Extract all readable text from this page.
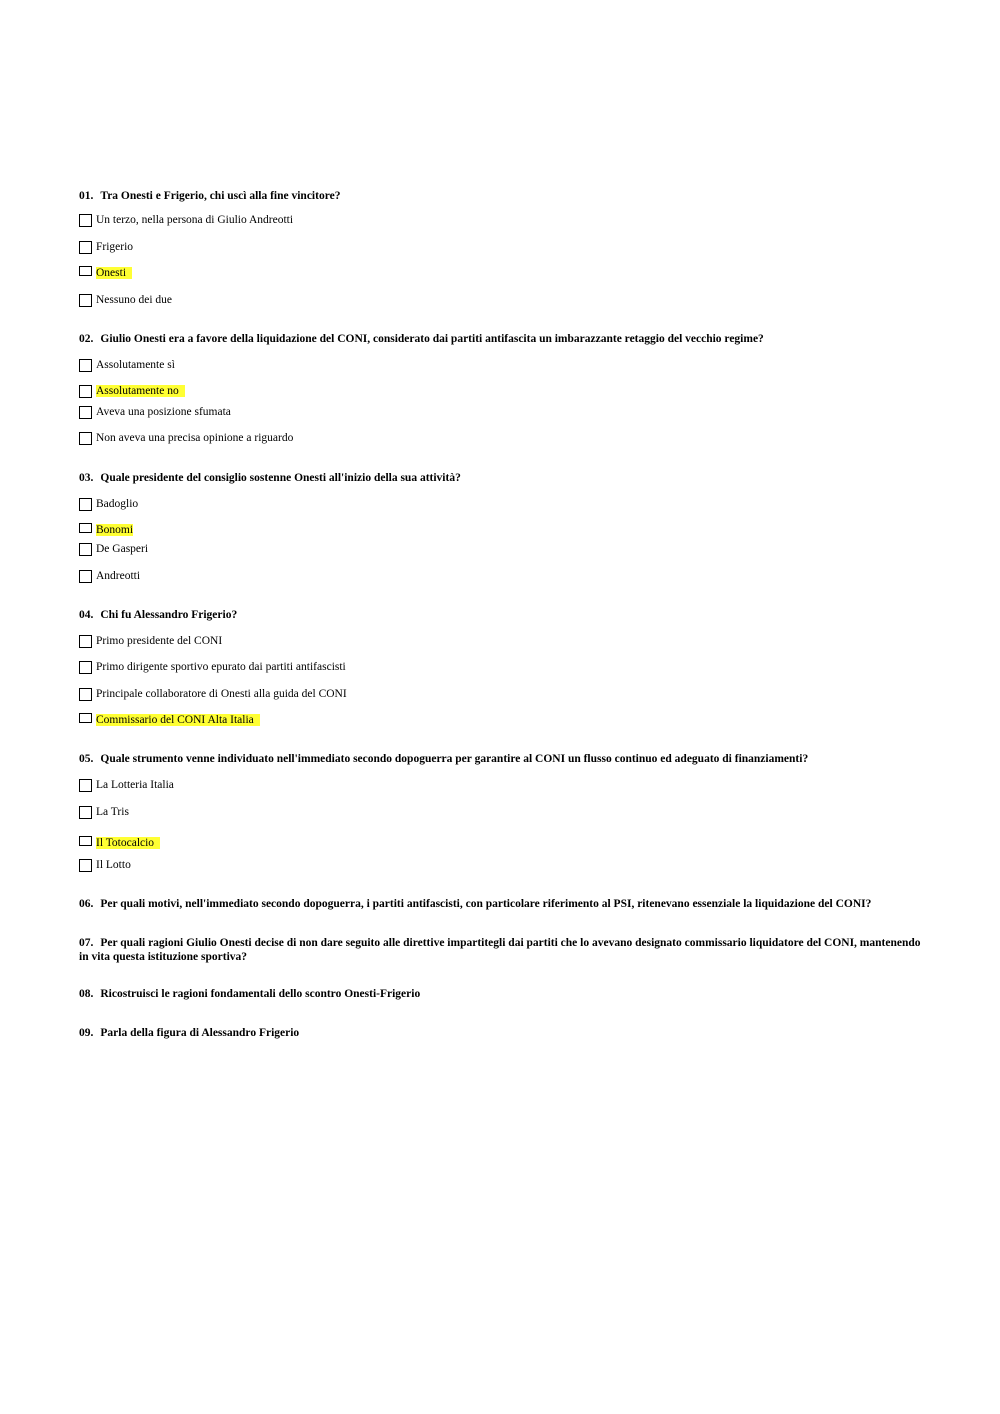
01. Tra Onesti e Frigerio, chi uscì alla fine vincitore?

Un terzo, nella persona di Giulio Andreotti
Frigerio
Onesti
Nessuno dei due

02. Giulio Onesti era a favore della liquidazione del CONI, considerato dai partiti antifascita un imbarazzante retaggio del vecchio regime?

Assolutamente sì
Assolutamente no
Aveva una posizione sfumata
Non aveva una precisa opinione a riguardo

03. Quale presidente del consiglio sostenne Onesti all'inizio della sua attività?

Badoglio
Bonomi
De Gasperi
Andreotti

04. Chi fu Alessandro Frigerio?

Primo presidente del CONI
Primo dirigente sportivo epurato dai partiti antifascisti
Principale collaboratore di Onesti alla guida del CONI
Commissario del CONI Alta Italia

05. Quale strumento venne individuato nell'immediato secondo dopoguerra per garantire al CONI un flusso continuo ed adeguato di finanziamenti?

La Lotteria Italia
La Tris
Il Totocalcio
Il Lotto

06. Per quali motivi, nell'immediato secondo dopoguerra, i partiti antifascisti, con particolare riferimento al PSI, ritenevano essenziale la liquidazione del CONI?

07. Per quali ragioni Giulio Onesti decise di non dare seguito alle direttive impartitegli dai partiti che lo avevano designato commissario liquidatore del CONI, mantenendo in vita questa istituzione sportiva?

08. Ricostruisci le ragioni fondamentali dello scontro Onesti-Frigerio

09. Parla della figura di Alessandro Frigerio
